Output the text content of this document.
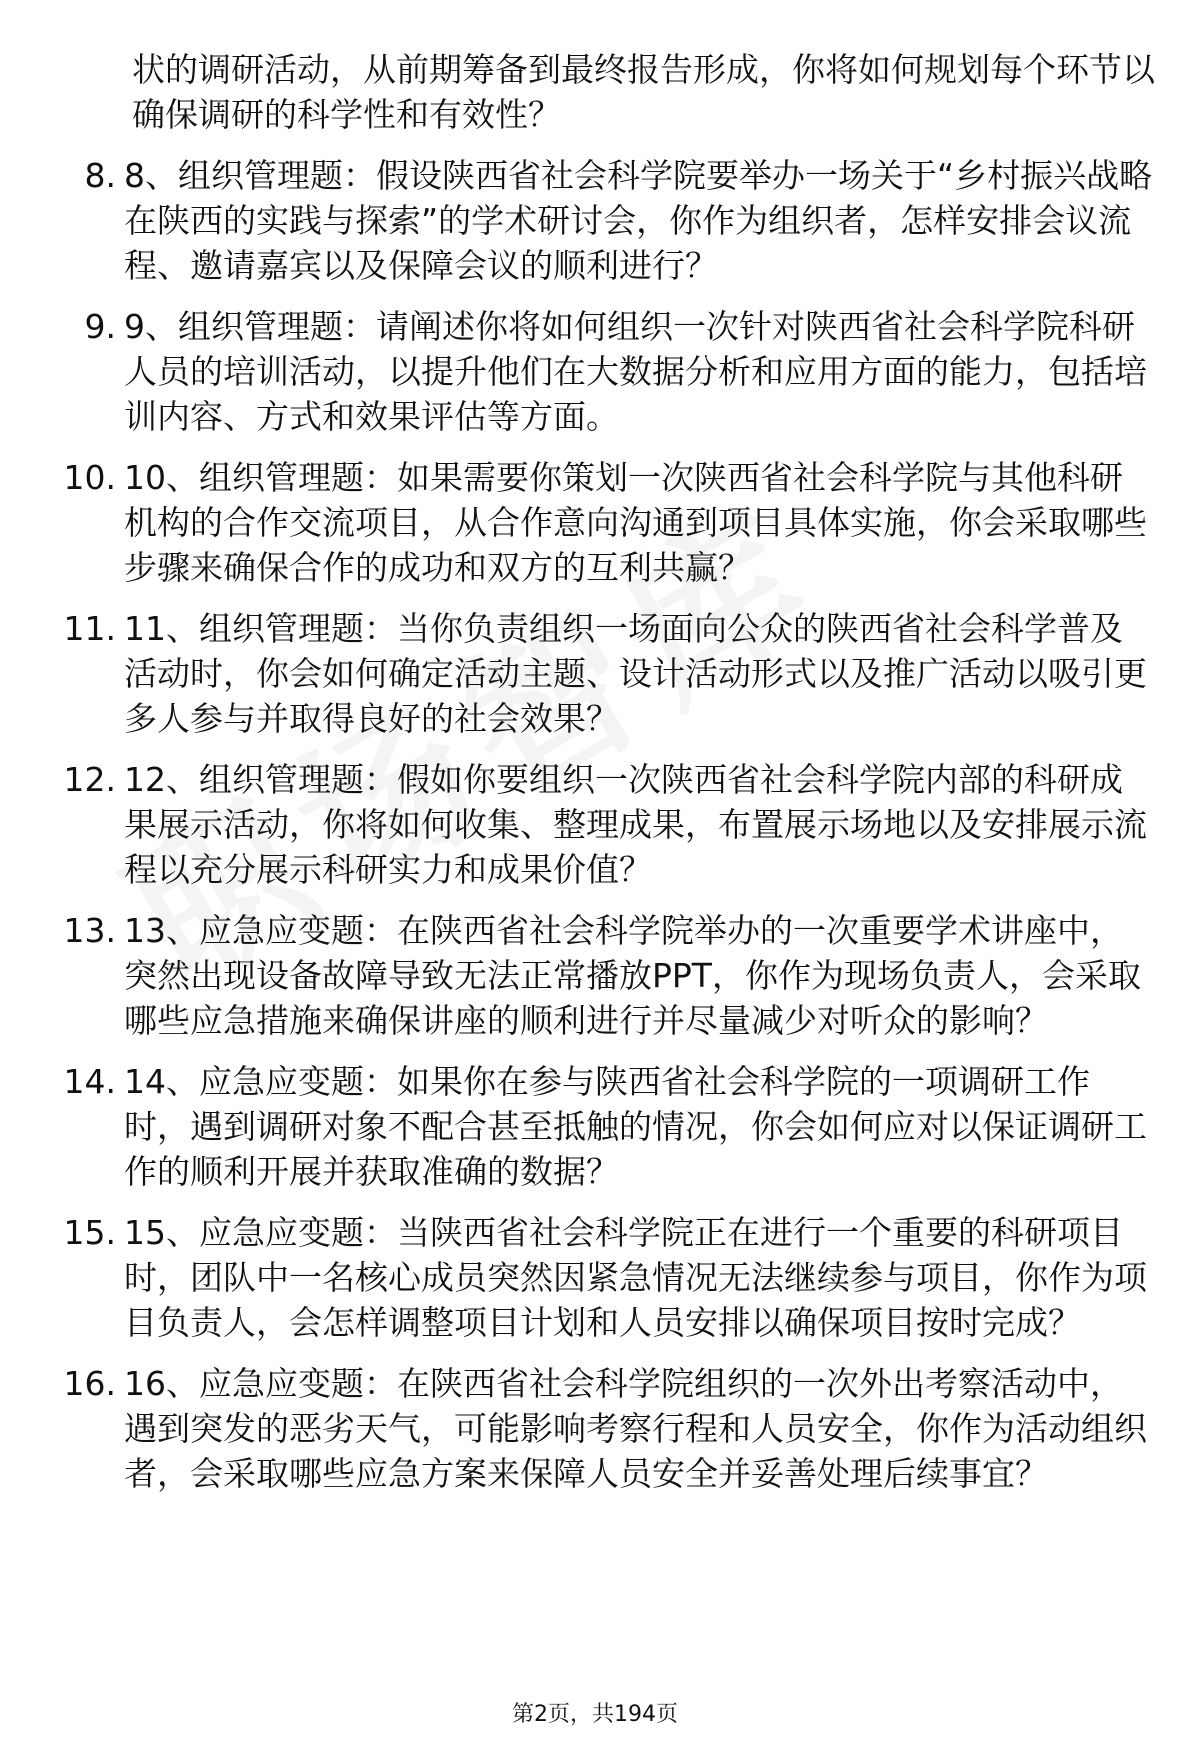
状的调研活动，从前期筹备到最终报告形成，你将如何规划每个环节以确保调研的科学性和有效性？
8. 8、组织管理题：假设陕西省社会科学院要举办一场关于“乡村振兴战略在陕西的实践与探索”的学术研讨会，你作为组织者，怎样安排会议流程、邀请嘉宾以及保障会议的顺利进行？
9. 9、组织管理题：请阐述你将如何组织一次针对陕西省社会科学院科研人员的培训活动，以提升他们在大数据分析和应用方面的能力，包括培训内容、方式和效果评估等方面。
10. 10、组织管理题：如果需要你策划一次陕西省社会科学院与其他科研机构的合作交流项目，从合作意向沟通到项目具体实施，你会采取哪些步骤来确保合作的成功和双方的互利共赢？
11. 11、组织管理题：当你负责组织一场面向公众的陕西省社会科学普及活动时，你会如何确定活动主题、设计活动形式以及推广活动以吸引更多人参与并取得良好的社会效果？
12. 12、组织管理题：假如你要组织一次陕西省社会科学院内部的科研成果展示活动，你将如何收集、整理成果，布置展示场地以及安排展示流程以充分展示科研实力和成果价值？
13. 13、应急应变题：在陕西省社会科学院举办的一次重要学术讲座中，突然出现设备故障导致无法正常播放PPT，你作为现场负责人，会采取哪些应急措施来确保讲座的顺利进行并尽量减少对听众的影响？
14. 14、应急应变题：如果你在参与陕西省社会科学院的一项调研工作时，遇到调研对象不配合甚至抵触的情况，你会如何应对以保证调研工作的顺利开展并获取准确的数据？
15. 15、应急应变题：当陕西省社会科学院正在进行一个重要的科研项目时，团队中一名核心成员突然因紧急情况无法继续参与项目，你作为项目负责人，会怎样调整项目计划和人员安排以确保项目按时完成？
16. 16、应急应变题：在陕西省社会科学院组织的一次外出考察活动中，遇到突发的恶劣天气，可能影响考察行程和人员安全，你作为活动组织者，会采取哪些应急方案来保障人员安全并妥善处理后续事宜？
第2页，共194页
